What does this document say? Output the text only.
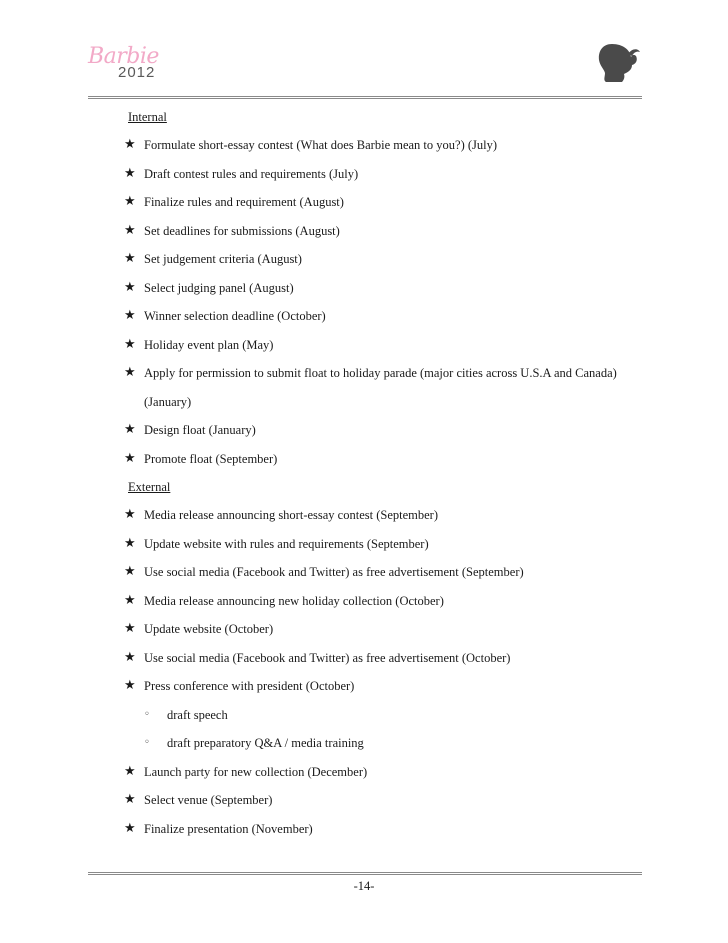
Barbie
2012
Internal
★ Formulate short-essay contest (What does Barbie mean to you?) (July)
★ Draft contest rules and requirements (July)
★ Finalize rules and requirement (August)
★ Set deadlines for submissions (August)
★ Set judgement criteria (August)
★ Select judging panel (August)
★ Winner selection deadline (October)
★ Holiday event plan (May)
★ Apply for permission to submit float to holiday parade (major cities across U.S.A and Canada)
(January)
★ Design float (January)
★ Promote float (September)
External
★ Media release announcing short-essay contest (September)
★ Update website with rules and requirements (September)
★ Use social media (Facebook and Twitter) as free advertisement (September)
★ Media release announcing new holiday collection (October)
★ Update website (October)
★ Use social media (Facebook and Twitter) as free advertisement (October)
★ Press conference with president (October)
◦ draft speech
◦ draft preparatory Q&A / media training
★ Launch party for new collection (December)
★ Select venue (September)
★ Finalize presentation (November)
-14-
